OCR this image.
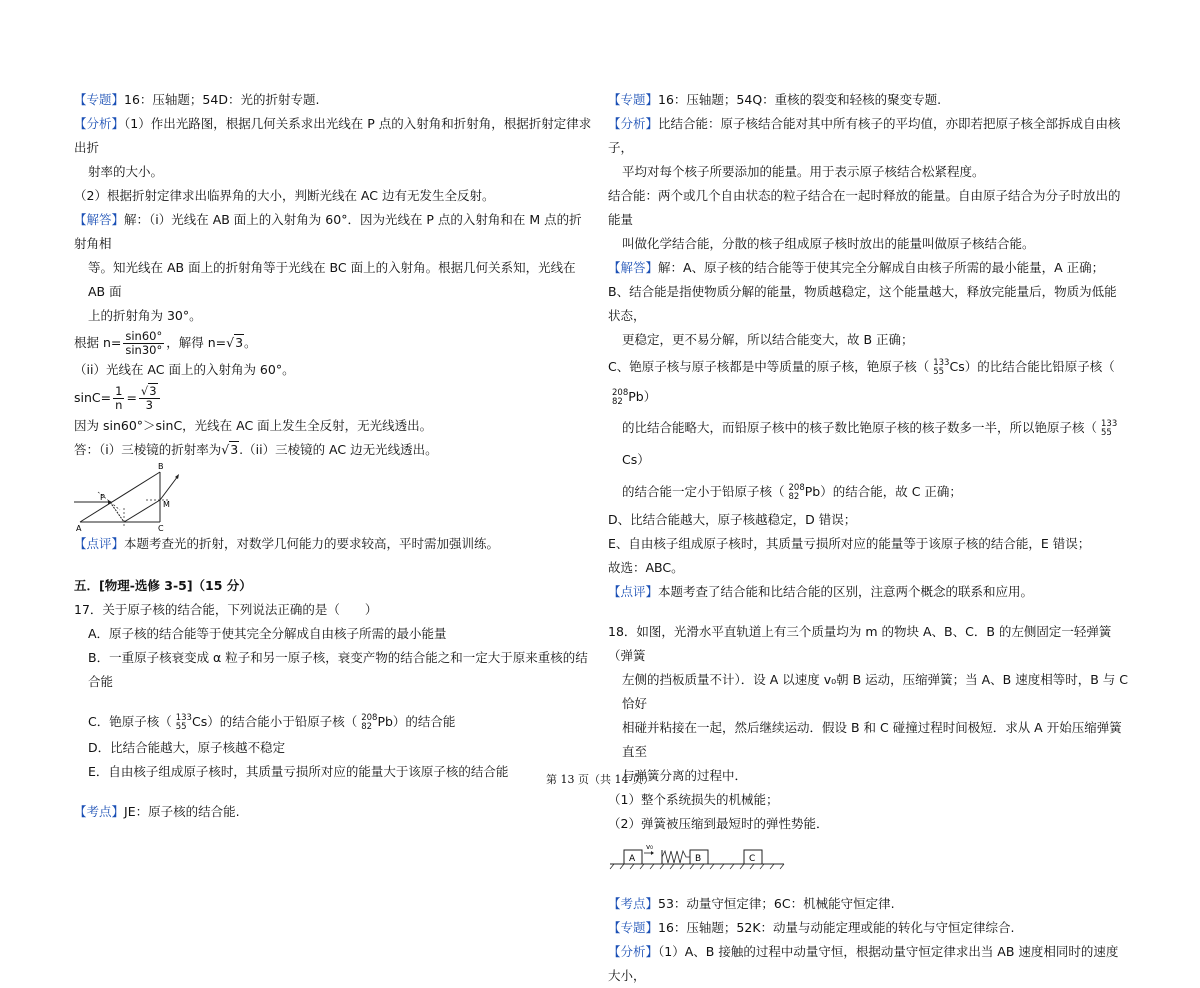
【专题】16：压轴题；54D：光的折射专题.

【分析】（1）作出光路图，根据几何关系求出光线在 P 点的入射角和折射角，根据折射定律求出折

射率的大小。

（2）根据折射定律求出临界角的大小，判断光线在 AC 边有无发生全反射。

【解答】解：（i）光线在 AB 面上的入射角为 60°．因为光线在 P 点的入射角和在 M 点的折射角相

等。知光线在 AB 面上的折射角等于光线在 BC 面上的入射角。根据几何关系知，光线在 AB 面

上的折射角为 30°。

根据 $n= \frac{\sin 60^\circ}{\sin 30^\circ}$ ，解得 n=√3。

（ii）光线在 AC 面上的入射角为 60°。

$\sin C= \frac{1}{n} = \frac{√3}{3}$

因为 sin60°＞sinC，光线在 AC 面上发生全反射，无光线透出。

答：（i）三棱镜的折射率为√3.（ii）三棱镜的 AC 边无光线透出。

A
B
C
P
M

【点评】本题考查光的折射，对数学几何能力的要求较高，平时需加强训练。

五．[物理-选修 3-5]（15 分）

17．关于原子核的结合能，下列说法正确的是（　　）

A．原子核的结合能等于使其完全分解成自由核子所需的最小能量

B．一重原子核衰变成 α 粒子和另一原子核，衰变产物的结合能之和一定大于原来重核的结合能

C．铯原子核（ 133
55 Cs）的结合能小于铅原子核（ 208
82 Pb）的结合能

D．比结合能越大，原子核越不稳定

E．自由核子组成原子核时，其质量亏损所对应的能量大于该原子核的结合能

【考点】JE：原子核的结合能.

【专题】16：压轴题；54Q：重核的裂变和轻核的聚变专题.

【分析】比结合能：原子核结合能对其中所有核子的平均值，亦即若把原子核全部拆成自由核子，

平均对每个核子所要添加的能量。用于表示原子核结合松紧程度。

结合能：两个或几个自由状态的粒子结合在一起时释放的能量。自由原子结合为分子时放出的能量

叫做化学结合能，分散的核子组成原子核时放出的能量叫做原子核结合能。

【解答】解：A、原子核的结合能等于使其完全分解成自由核子所需的最小能量，A 正确；

B、结合能是指使物质分解的能量，物质越稳定，这个能量越大，释放完能量后，物质为低能状态，

更稳定，更不易分解，所以结合能变大，故 B 正确；

C、铯原子核与原子核都是中等质量的原子核，铯原子核（ 133
55 Cs）的比结合能比铅原子核（
208
82 Pb）

的比结合能略大，而铅原子核中的核子数比铯原子核的核子数多一半，所以铯原子核（ 133
55
Cs）

的结合能一定小于铅原子核（ 208
82 Pb）的结合能，故 C 正确；

D、比结合能越大，原子核越稳定，D 错误；

E、自由核子组成原子核时，其质量亏损所对应的能量等于该原子核的结合能，E 错误；

故选：ABC。

【点评】本题考查了结合能和比结合能的区别，注意两个概念的联系和应用。

18．如图，光滑水平直轨道上有三个质量均为 m 的物块 A、B、C．B 的左侧固定一轻弹簧（弹簧

左侧的挡板质量不计）．设 A 以速度 v₀朝 B 运动，压缩弹簧；当 A、B 速度相等时，B 与 C 恰好

相碰并粘接在一起，然后继续运动．假设 B 和 C 碰撞过程时间极短．求从 A 开始压缩弹簧直至

与弹簧分离的过程中．

（1）整个系统损失的机械能；

（2）弹簧被压缩到最短时的弹性势能．

A
v₀
B	C

【考点】53：动量守恒定律；6C：机械能守恒定律.

【专题】16：压轴题；52K：动量与动能定理或能的转化与守恒定律综合.

【分析】（1）A、B 接触的过程中动量守恒，根据动量守恒定律求出当 AB 速度相同时的速度大小，

第 13 页（共 14 页）
